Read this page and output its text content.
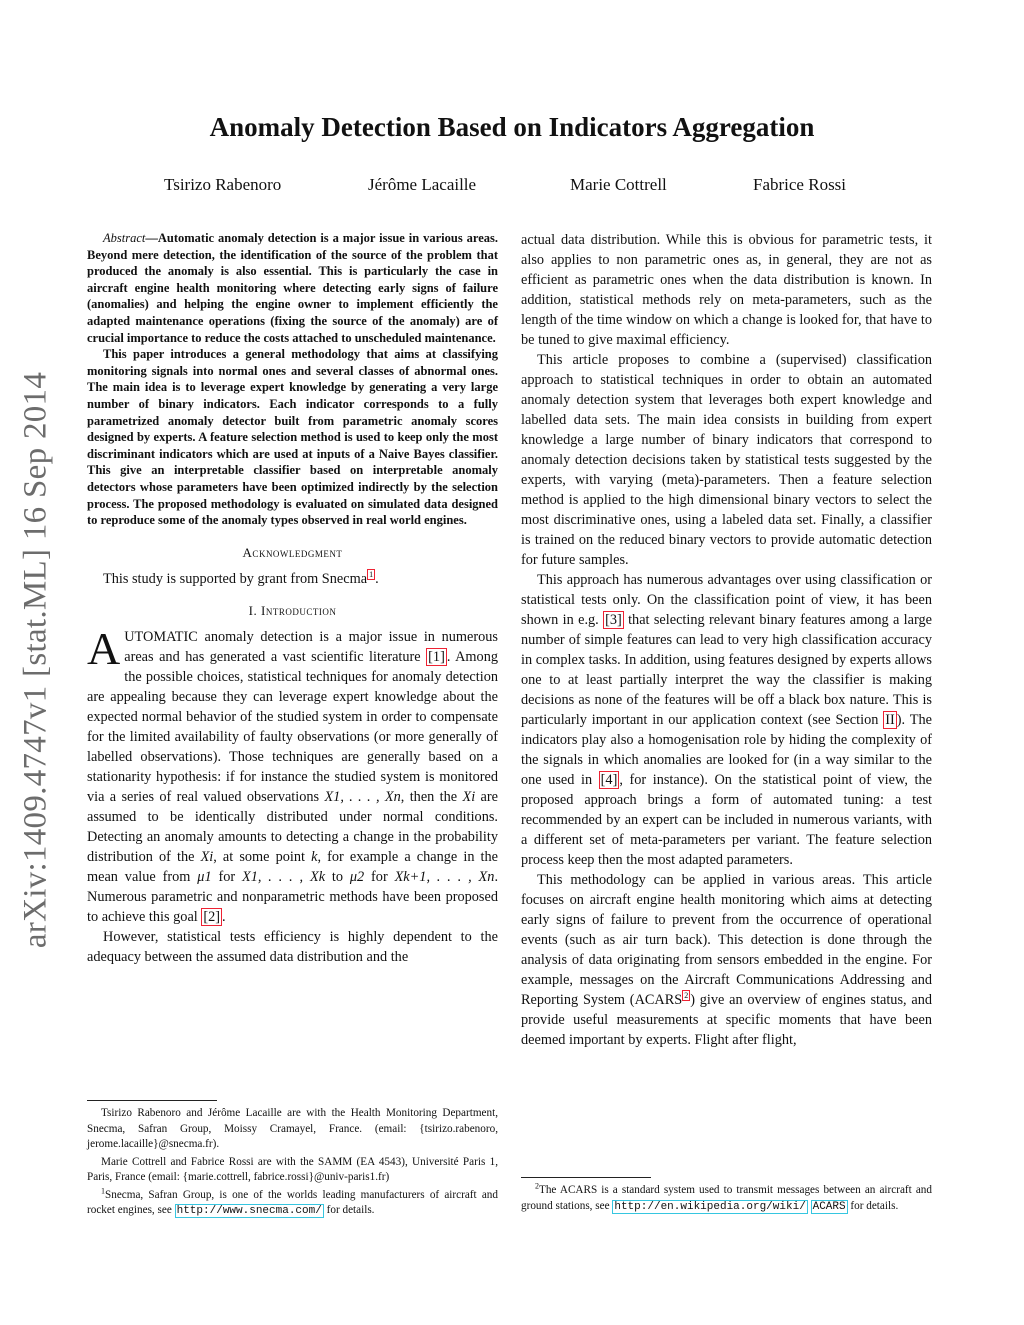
arXiv:1409.4747v1 [stat.ML] 16 Sep 2014
Anomaly Detection Based on Indicators Aggregation
Tsirizo Rabenoro	Jérôme Lacaille	Marie Cottrell	Fabrice Rossi

Abstract—Automatic anomaly detection is a major issue in various areas. Beyond mere detection, the identification of the source of the problem that produced the anomaly is also essential. This is particularly the case in aircraft engine health monitoring where detecting early signs of failure (anomalies) and helping the engine owner to implement efficiently the adapted maintenance operations (fixing the source of the anomaly) are of crucial importance to reduce the costs attached to unscheduled maintenance.

This paper introduces a general methodology that aims at classifying monitoring signals into normal ones and several classes of abnormal ones. The main idea is to leverage expert knowledge by generating a very large number of binary indicators. Each indicator corresponds to a fully parametrized anomaly detector built from parametric anomaly scores designed by experts. A feature selection method is used to keep only the most discriminant indicators which are used at inputs of a Naive Bayes classifier. This give an interpretable classifier based on interpretable anomaly detectors whose parameters have been optimized indirectly by the selection process. The proposed methodology is evaluated on simulated data designed to reproduce some of the anomaly types observed in real world engines.

Acknowledgment

This study is supported by grant from Snecma $^1$ .

I. Introduction

AUTOMATIC anomaly detection is a major issue in numerous areas and has generated a vast scientific literature [1] . Among the possible choices, statistical techniques for anomaly detection are appealing because they can leverage expert knowledge about the expected normal behavior of the studied system in order to compensate for the limited availability of faulty observations (or more generally of labelled observations). Those techniques are generally based on a stationarity hypothesis: if for instance the studied system is monitored via a series of real valued observations X1, . . . , Xn, then the Xi are assumed to be identically distributed under normal conditions. Detecting an anomaly amounts to detecting a change in the probability distribution of the Xi, at some point k, for example a change in the mean value from μ1 for X1, . . . , Xk to μ2 for Xk+1, . . . , Xn. Numerous parametric and nonparametric methods have been proposed to achieve this goal [2] .

However, statistical tests efficiency is highly dependent to the adequacy between the assumed data distribution and the

Tsirizo Rabenoro and Jérôme Lacaille are with the Health Monitoring Department, Snecma, Safran Group, Moissy Cramayel, France. (email: {tsirizo.rabenoro, jerome.lacaille}@snecma.fr).

Marie Cottrell and Fabrice Rossi are with the SAMM (EA 4543), Université Paris 1, Paris, France (email: {marie.cottrell, fabrice.rossi}@univ-paris1.fr)

$^1$Snecma, Safran Group, is one of the worlds leading manufacturers of aircraft and rocket engines, see http://www.snecma.com/ for details.

actual data distribution. While this is obvious for parametric tests, it also applies to non parametric ones as, in general, they are not as efficient as parametric ones when the data distribution is known. In addition, statistical methods rely on meta-parameters, such as the length of the time window on which a change is looked for, that have to be tuned to give maximal efficiency.

This article proposes to combine a (supervised) classification approach to statistical techniques in order to obtain an automated anomaly detection system that leverages both expert knowledge and labelled data sets. The main idea consists in building from expert knowledge a large number of binary indicators that correspond to anomaly detection decisions taken by statistical tests suggested by the experts, with varying (meta)-parameters. Then a feature selection method is applied to the high dimensional binary vectors to select the most discriminative ones, using a labeled data set. Finally, a classifier is trained on the reduced binary vectors to provide automatic detection for future samples.

This approach has numerous advantages over using classification or statistical tests only. On the classification point of view, it has been shown in e.g. [3] that selecting relevant binary features among a large number of simple features can lead to very high classification accuracy in complex tasks. In addition, using features designed by experts allows one to at least partially interpret the way the classifier is making decisions as none of the features will be off a black box nature. This is particularly important in our application context (see Section II ). The indicators play also a homogenisation role by hiding the complexity of the signals in which anomalies are looked for (in a way similar to the one used in [4] , for instance). On the statistical point of view, the proposed approach brings a form of automated tuning: a test recommended by an expert can be included in numerous variants, with a different set of meta-parameters per variant. The feature selection process keep then the most adapted parameters.

This methodology can be applied in various areas. This article focuses on aircraft engine health monitoring which aims at detecting early signs of failure to prevent from the occurrence of operational events (such as air turn back). This detection is done through the analysis of data originating from sensors embedded in the engine. For example, messages on the Aircraft Communications Addressing and Reporting System (ACARS $^2$ ) give an overview of engines status, and provide useful measurements at specific moments that have been deemed important by experts. Flight after flight,

$^2$The ACARS is a standard system used to transmit messages between an aircraft and ground stations, see http://en.wikipedia.org/wiki/ ACARS for details.
